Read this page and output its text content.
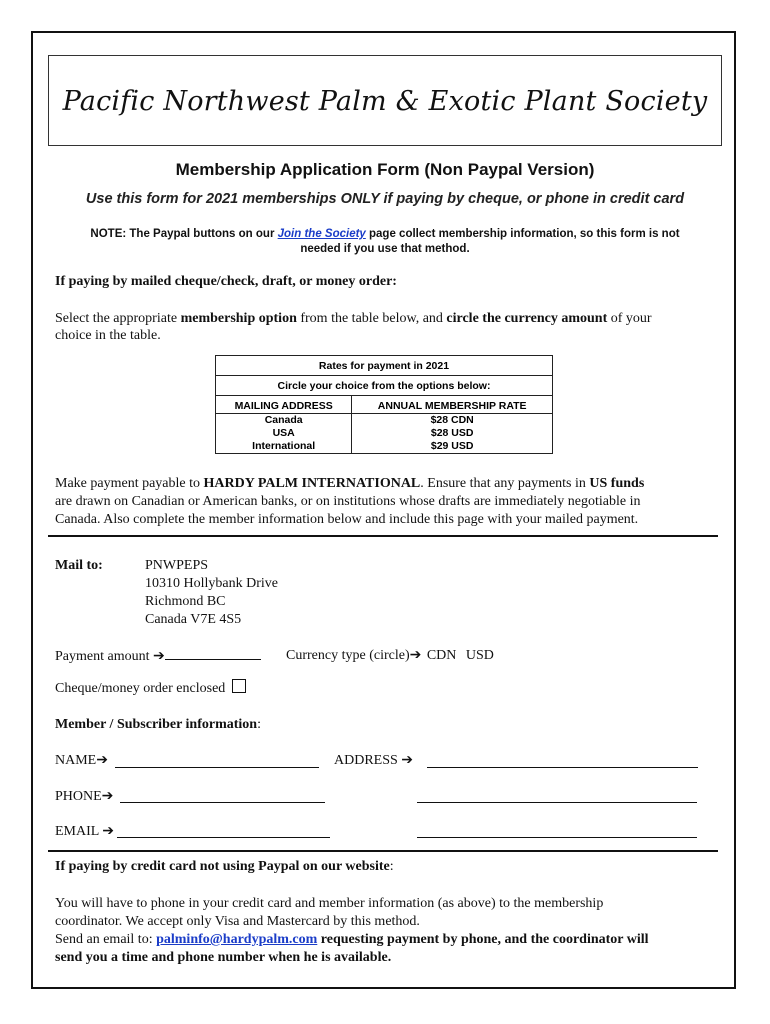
Pacific Northwest Palm & Exotic Plant Society
Membership Application Form (Non Paypal Version)
Use this form for 2021 memberships ONLY if paying by cheque, or phone in credit card
NOTE: The Paypal buttons on our Join the Society page collect membership information, so this form is not
needed if you use that method.
If paying by mailed cheque/check, draft, or money order:
Select the appropriate membership option from the table below, and circle the currency amount of your
choice in the table.
Rates for payment in 2021	
Circle your choice from the options below:	
MAILING ADDRESS	ANNUAL MEMBERSHIP RATE
Canada	$28 CDN
USA	$28 USD
International	$29 USD
Make payment payable to HARDY PALM INTERNATIONAL. Ensure that any payments in US funds
are drawn on Canadian or American banks, or on institutions whose drafts are immediately negotiable in
Canada. Also complete the member information below and include this page with your mailed payment.
Mail to:	PNWPEPS
10310 Hollybank Drive
Richmond BC
Canada V7E 4S5
Payment amount ➔	Currency type (circle)➔ CDN USD
Cheque/money order enclosed
Member / Subscriber information:
NAME➔	ADDRESS ➔
PHONE➔
EMAIL ➔
If paying by credit card not using Paypal on our website:
You will have to phone in your credit card and member information (as above) to the membership
coordinator. We accept only Visa and Mastercard by this method.
Send an email to: palminfo@hardypalm.com requesting payment by phone, and the coordinator will
send you a time and phone number when he is available.
